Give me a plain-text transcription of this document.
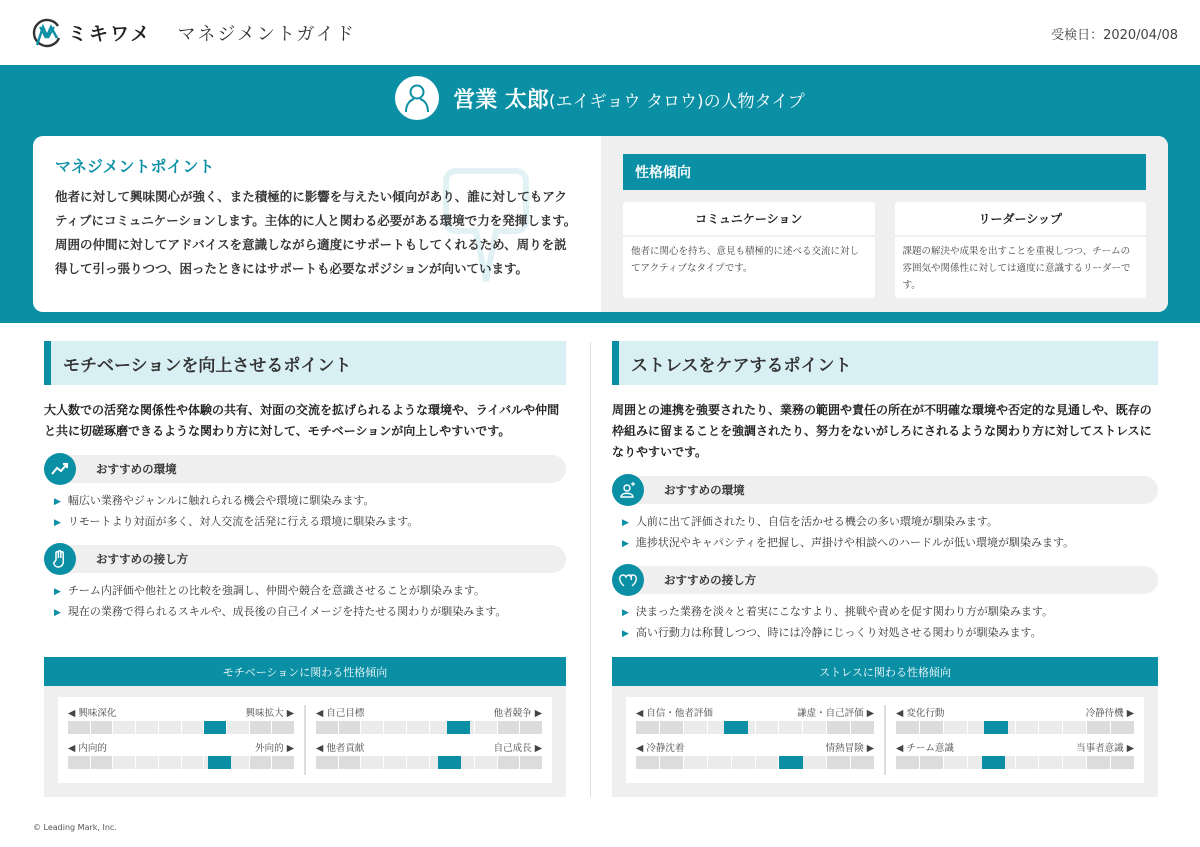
ミキワメ マネジメントガイド	受検日：2020/04/08
営業 太郎(エイギョウ タロウ)の人物タイプ
マネジメントポイント
他者に対して興味関心が強く、また積極的に影響を与えたい傾向があり、誰に対してもアクティブにコミュニケーションします。主体的に人と関わる必要がある環境で力を発揮します。 周囲の仲間に対してアドバイスを意識しながら適度にサポートもしてくれるため、周りを説得して引っ張りつつ、困ったときにはサポートも必要なポジションが向いています。
性格傾向
コミュニケーション
他者に関心を持ち、意見も積極的に述べる交流に対してアクティブなタイプです。
リーダーシップ
課題の解決や成果を出すことを重視しつつ、チームの雰囲気や関係性に対しては適度に意識するリーダーです。
モチベーションを向上させるポイント
大人数での活発な関係性や体験の共有、対面の交流を拡げられるような環境や、ライバルや仲間と共に切磋琢磨できるような関わり方に対して、モチベーションが向上しやすいです。
おすすめの環境
▶ 幅広い業務やジャンルに触れられる機会や環境に馴染みます。
▶ リモートより対面が多く、対人交流を活発に行える環境に馴染みます。
おすすめの接し方
▶ チーム内評価や他社との比較を強調し、仲間や競合を意識させることが馴染みます。
▶ 現在の業務で得られるスキルや、成長後の自己イメージを持たせる関わりが馴染みます。
ストレスをケアするポイント
周囲との連携を強要されたり、業務の範囲や責任の所在が不明確な環境や否定的な見通しや、既存の枠組みに留まることを強調されたり、努力をないがしろにされるような関わり方に対してストレスになりやすいです。
おすすめの環境
▶ 人前に出て評価されたり、自信を活かせる機会の多い環境が馴染みます。
▶ 進捗状況やキャパシティを把握し、声掛けや相談へのハードルが低い環境が馴染みます。
おすすめの接し方
▶ 決まった業務を淡々と着実にこなすより、挑戦や責めを促す関わり方が馴染みます。
▶ 高い行動力は称賛しつつ、時には冷静にじっくり対処させる関わりが馴染みます。
モチベーションに関わる性格傾向
◀ 興味深化	興味拡大 ▶
◀ 内向的	外向的 ▶
◀ 自己目標	他者競争 ▶
◀ 他者貢献	自己成長 ▶
ストレスに関わる性格傾向
◀ 自信・他者評価	謙虚・自己評価 ▶
◀ 冷静沈着	情熱冒険 ▶
◀ 変化行動	冷静待機 ▶
◀ チーム意識	当事者意識 ▶
© Leading Mark, Inc.
